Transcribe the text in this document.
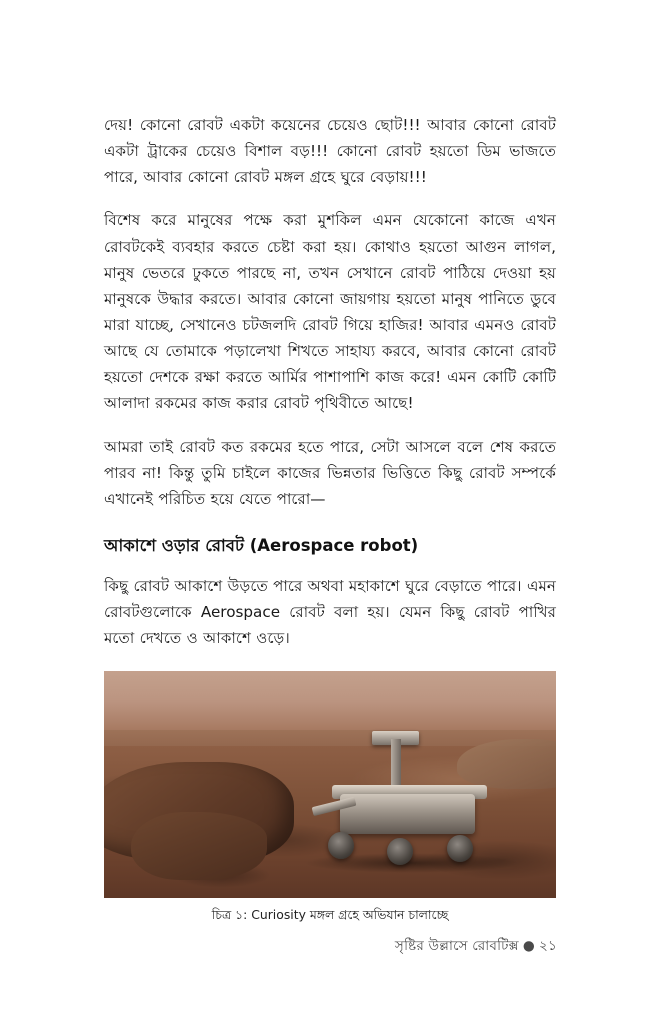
দেয়! কোনো রোবট একটা কয়েনের চেয়েও ছোট!!! আবার কোনো রোবট একটা ট্রাকের চেয়েও বিশাল বড়!!! কোনো রোবট হয়তো ডিম ভাজতে পারে, আবার কোনো রোবট মঙ্গল গ্রহে ঘুরে বেড়ায়!!!

বিশেষ করে মানুষের পক্ষে করা মুশকিল এমন যেকোনো কাজে এখন রোবটকেই ব্যবহার করতে চেষ্টা করা হয়। কোথাও হয়তো আগুন লাগল, মানুষ ভেতরে ঢুকতে পারছে না, তখন সেখানে রোবট পাঠিয়ে দেওয়া হয় মানুষকে উদ্ধার করতে। আবার কোনো জায়গায় হয়তো মানুষ পানিতে ডুবে মারা যাচ্ছে, সেখানেও চটজলদি রোবট গিয়ে হাজির! আবার এমনও রোবট আছে যে তোমাকে পড়ালেখা শিখতে সাহায্য করবে, আবার কোনো রোবট হয়তো দেশকে রক্ষা করতে আর্মির পাশাপাশি কাজ করে! এমন কোটি কোটি আলাদা রকমের কাজ করার রোবট পৃথিবীতে আছে!

আমরা তাই রোবট কত রকমের হতে পারে, সেটা আসলে বলে শেষ করতে পারব না! কিন্তু তুমি চাইলে কাজের ভিন্নতার ভিত্তিতে কিছু রোবট সম্পর্কে এখানেই পরিচিত হয়ে যেতে পারো—

আকাশে ওড়ার রোবট (Aerospace robot)

কিছু রোবট আকাশে উড়তে পারে অথবা মহাকাশে ঘুরে বেড়াতে পারে। এমন রোবটগুলোকে Aerospace রোবট বলা হয়। যেমন কিছু রোবট পাখির মতো দেখতে ও আকাশে ওড়ে।

চিত্র ১: Curiosity মঙ্গল গ্রহে অভিযান চালাচ্ছে
সৃষ্টির উল্লাসে রোবটিক্স ● ২১
